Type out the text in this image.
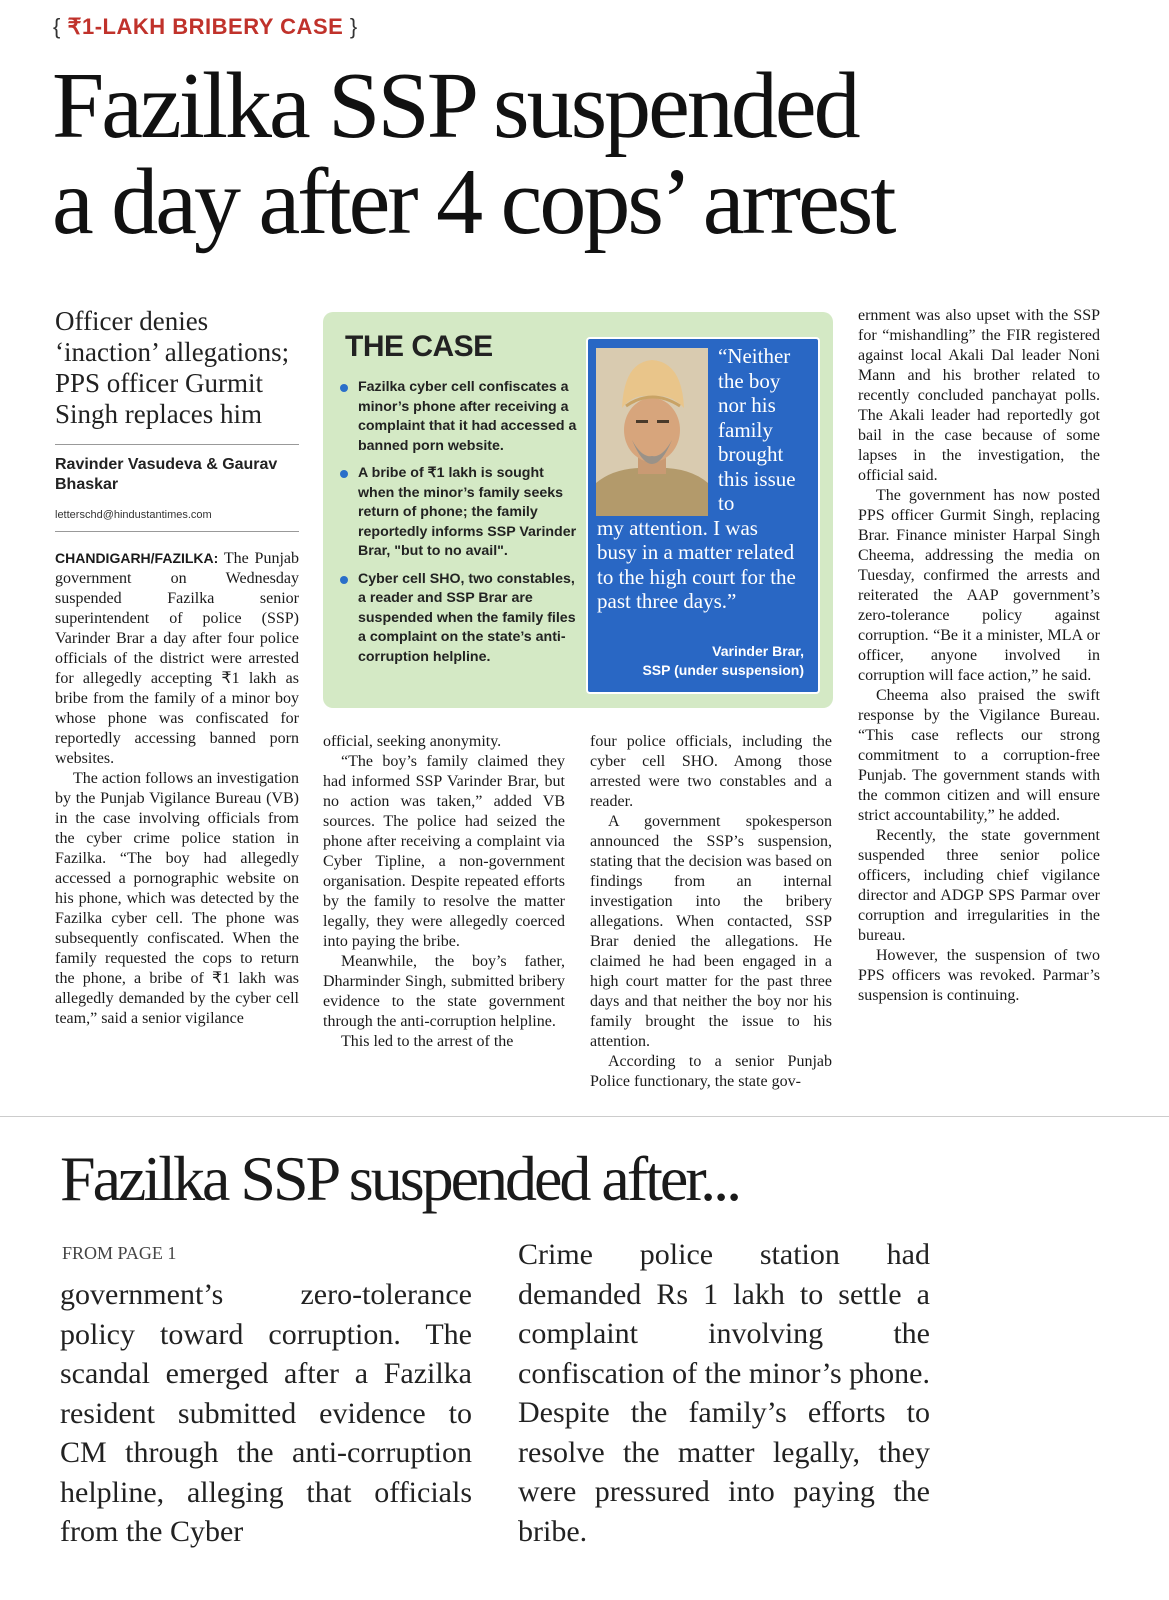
{ ₹1-LAKH BRIBERY CASE }
Fazilka SSP suspended
a day after 4 cops’ arrest
Officer denies ‘inaction’ allegations; PPS officer Gurmit Singh replaces him
Ravinder Vasudeva & Gaurav Bhaskar
letterschd@hindustantimes.com

CHANDIGARH/FAZILKA: The Punjab government on Wednesday suspended Fazilka senior superintendent of police (SSP) Varinder Brar a day after four police officials of the district were arrested for allegedly accepting ₹1 lakh as bribe from the family of a minor boy whose phone was confiscated for reportedly accessing banned porn websites.

The action follows an investigation by the Punjab Vigilance Bureau (VB) in the case involving officials from the cyber crime police station in Fazilka. “The boy had allegedly accessed a pornographic website on his phone, which was detected by the Fazilka cyber cell. The phone was subsequently confiscated. When the family requested the cops to return the phone, a bribe of ₹1 lakh was allegedly demanded by the cyber cell team,” said a senior vigilance

THE CASE
Fazilka cyber cell confiscates a minor’s phone after receiving a complaint that it had accessed a banned porn website.
A bribe of ₹1 lakh is sought when the minor’s family seeks return of phone; the family reportedly informs SSP Varinder Brar, "but to no avail".
Cyber cell SHO, two constables, a reader and SSP Brar are suspended when the family files a complaint on the state’s anti-corruption helpline.
“Neither the boy nor his family brought this issue to
my attention. I was busy in a matter related to the high court for the past three days.”
Varinder Brar,
SSP (under suspension)

official, seeking anonymity.

“The boy’s family claimed they had informed SSP Varinder Brar, but no action was taken,” added VB sources. The police had seized the phone after receiving a complaint via Cyber Tipline, a non-government organisation. Despite repeated efforts by the family to resolve the matter legally, they were allegedly coerced into paying the bribe.

Meanwhile, the boy’s father, Dharminder Singh, submitted bribery evidence to the state government through the anti-corruption helpline.

This led to the arrest of the

four police officials, including the cyber cell SHO. Among those arrested were two constables and a reader.

A government spokesperson announced the SSP’s suspension, stating that the decision was based on findings from an internal investigation into the bribery allegations. When contacted, SSP Brar denied the allegations. He claimed he had been engaged in a high court matter for the past three days and that neither the boy nor his family brought the issue to his attention.

According to a senior Punjab Police functionary, the state gov-

ernment was also upset with the SSP for “mishandling” the FIR registered against local Akali Dal leader Noni Mann and his brother related to recently concluded panchayat polls. The Akali leader had reportedly got bail in the case because of some lapses in the investigation, the official said.

The government has now posted PPS officer Gurmit Singh, replacing Brar. Finance minister Harpal Singh Cheema, addressing the media on Tuesday, confirmed the arrests and reiterated the AAP government’s zero-tolerance policy against corruption. “Be it a minister, MLA or officer, anyone involved in corruption will face action,” he said.

Cheema also praised the swift response by the Vigilance Bureau. “This case reflects our strong commitment to a corruption-free Punjab. The government stands with the common citizen and will ensure strict accountability,” he added.

Recently, the state government suspended three senior police officers, including chief vigilance director and ADGP SPS Parmar over corruption and irregularities in the bureau.

However, the suspension of two PPS officers was revoked. Parmar’s suspension is continuing.

Fazilka SSP suspended after...
FROM PAGE 1
government’s zero-tolerance policy toward corruption. The scandal emerged after a Fazilka resident submitted evidence to CM through the anti-corruption helpline, alleging that officials from the Cyber
Crime police station had demanded Rs 1 lakh to settle a complaint involving the confiscation of the minor’s phone. Despite the family’s efforts to resolve the matter legally, they were pressured into paying the bribe.
